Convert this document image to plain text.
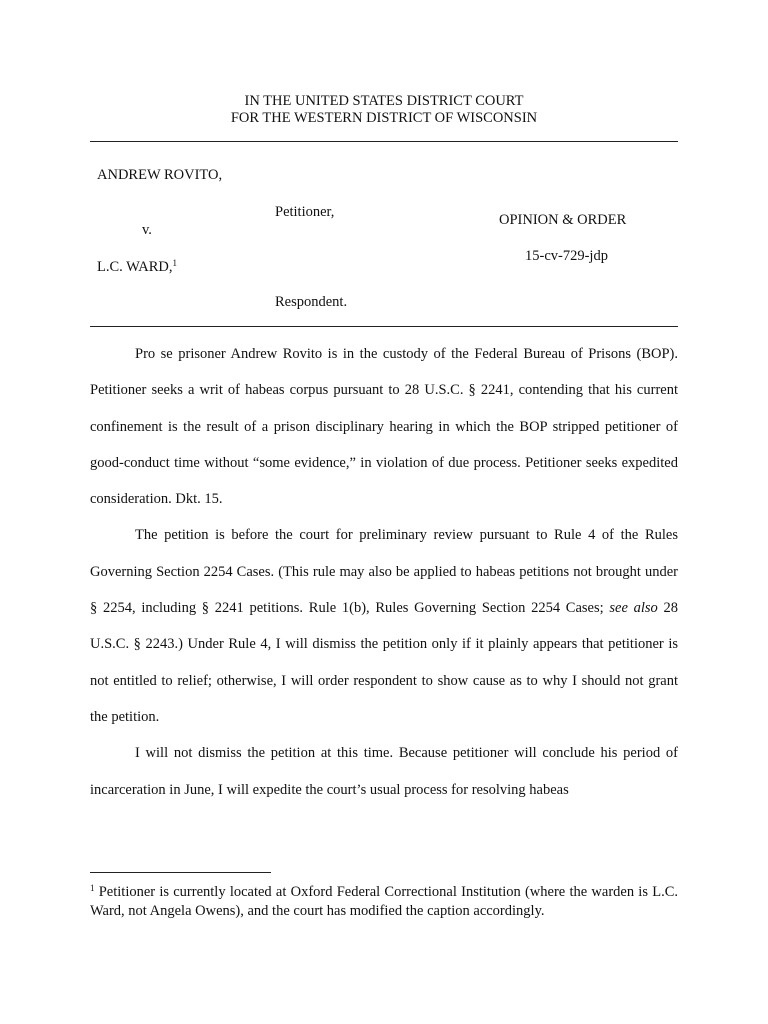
IN THE UNITED STATES DISTRICT COURT
FOR THE WESTERN DISTRICT OF WISCONSIN
ANDREW ROVITO,
Petitioner,
v.
L.C. WARD,$^1$
Respondent.
OPINION & ORDER
15-cv-729-jdp

Pro se prisoner Andrew Rovito is in the custody of the Federal Bureau of Prisons (BOP). Petitioner seeks a writ of habeas corpus pursuant to 28 U.S.C. § 2241, contending that his current confinement is the result of a prison disciplinary hearing in which the BOP stripped petitioner of good-conduct time without “some evidence,” in violation of due process. Petitioner seeks expedited consideration. Dkt. 15.

The petition is before the court for preliminary review pursuant to Rule 4 of the Rules Governing Section 2254 Cases. (This rule may also be applied to habeas petitions not brought under § 2254, including § 2241 petitions. Rule 1(b), Rules Governing Section 2254 Cases; see also 28 U.S.C. § 2243.) Under Rule 4, I will dismiss the petition only if it plainly appears that petitioner is not entitled to relief; otherwise, I will order respondent to show cause as to why I should not grant the petition.

I will not dismiss the petition at this time. Because petitioner will conclude his period of incarceration in June, I will expedite the court’s usual process for resolving habeas

$^1$ Petitioner is currently located at Oxford Federal Correctional Institution (where the warden is L.C. Ward, not Angela Owens), and the court has modified the caption accordingly.
